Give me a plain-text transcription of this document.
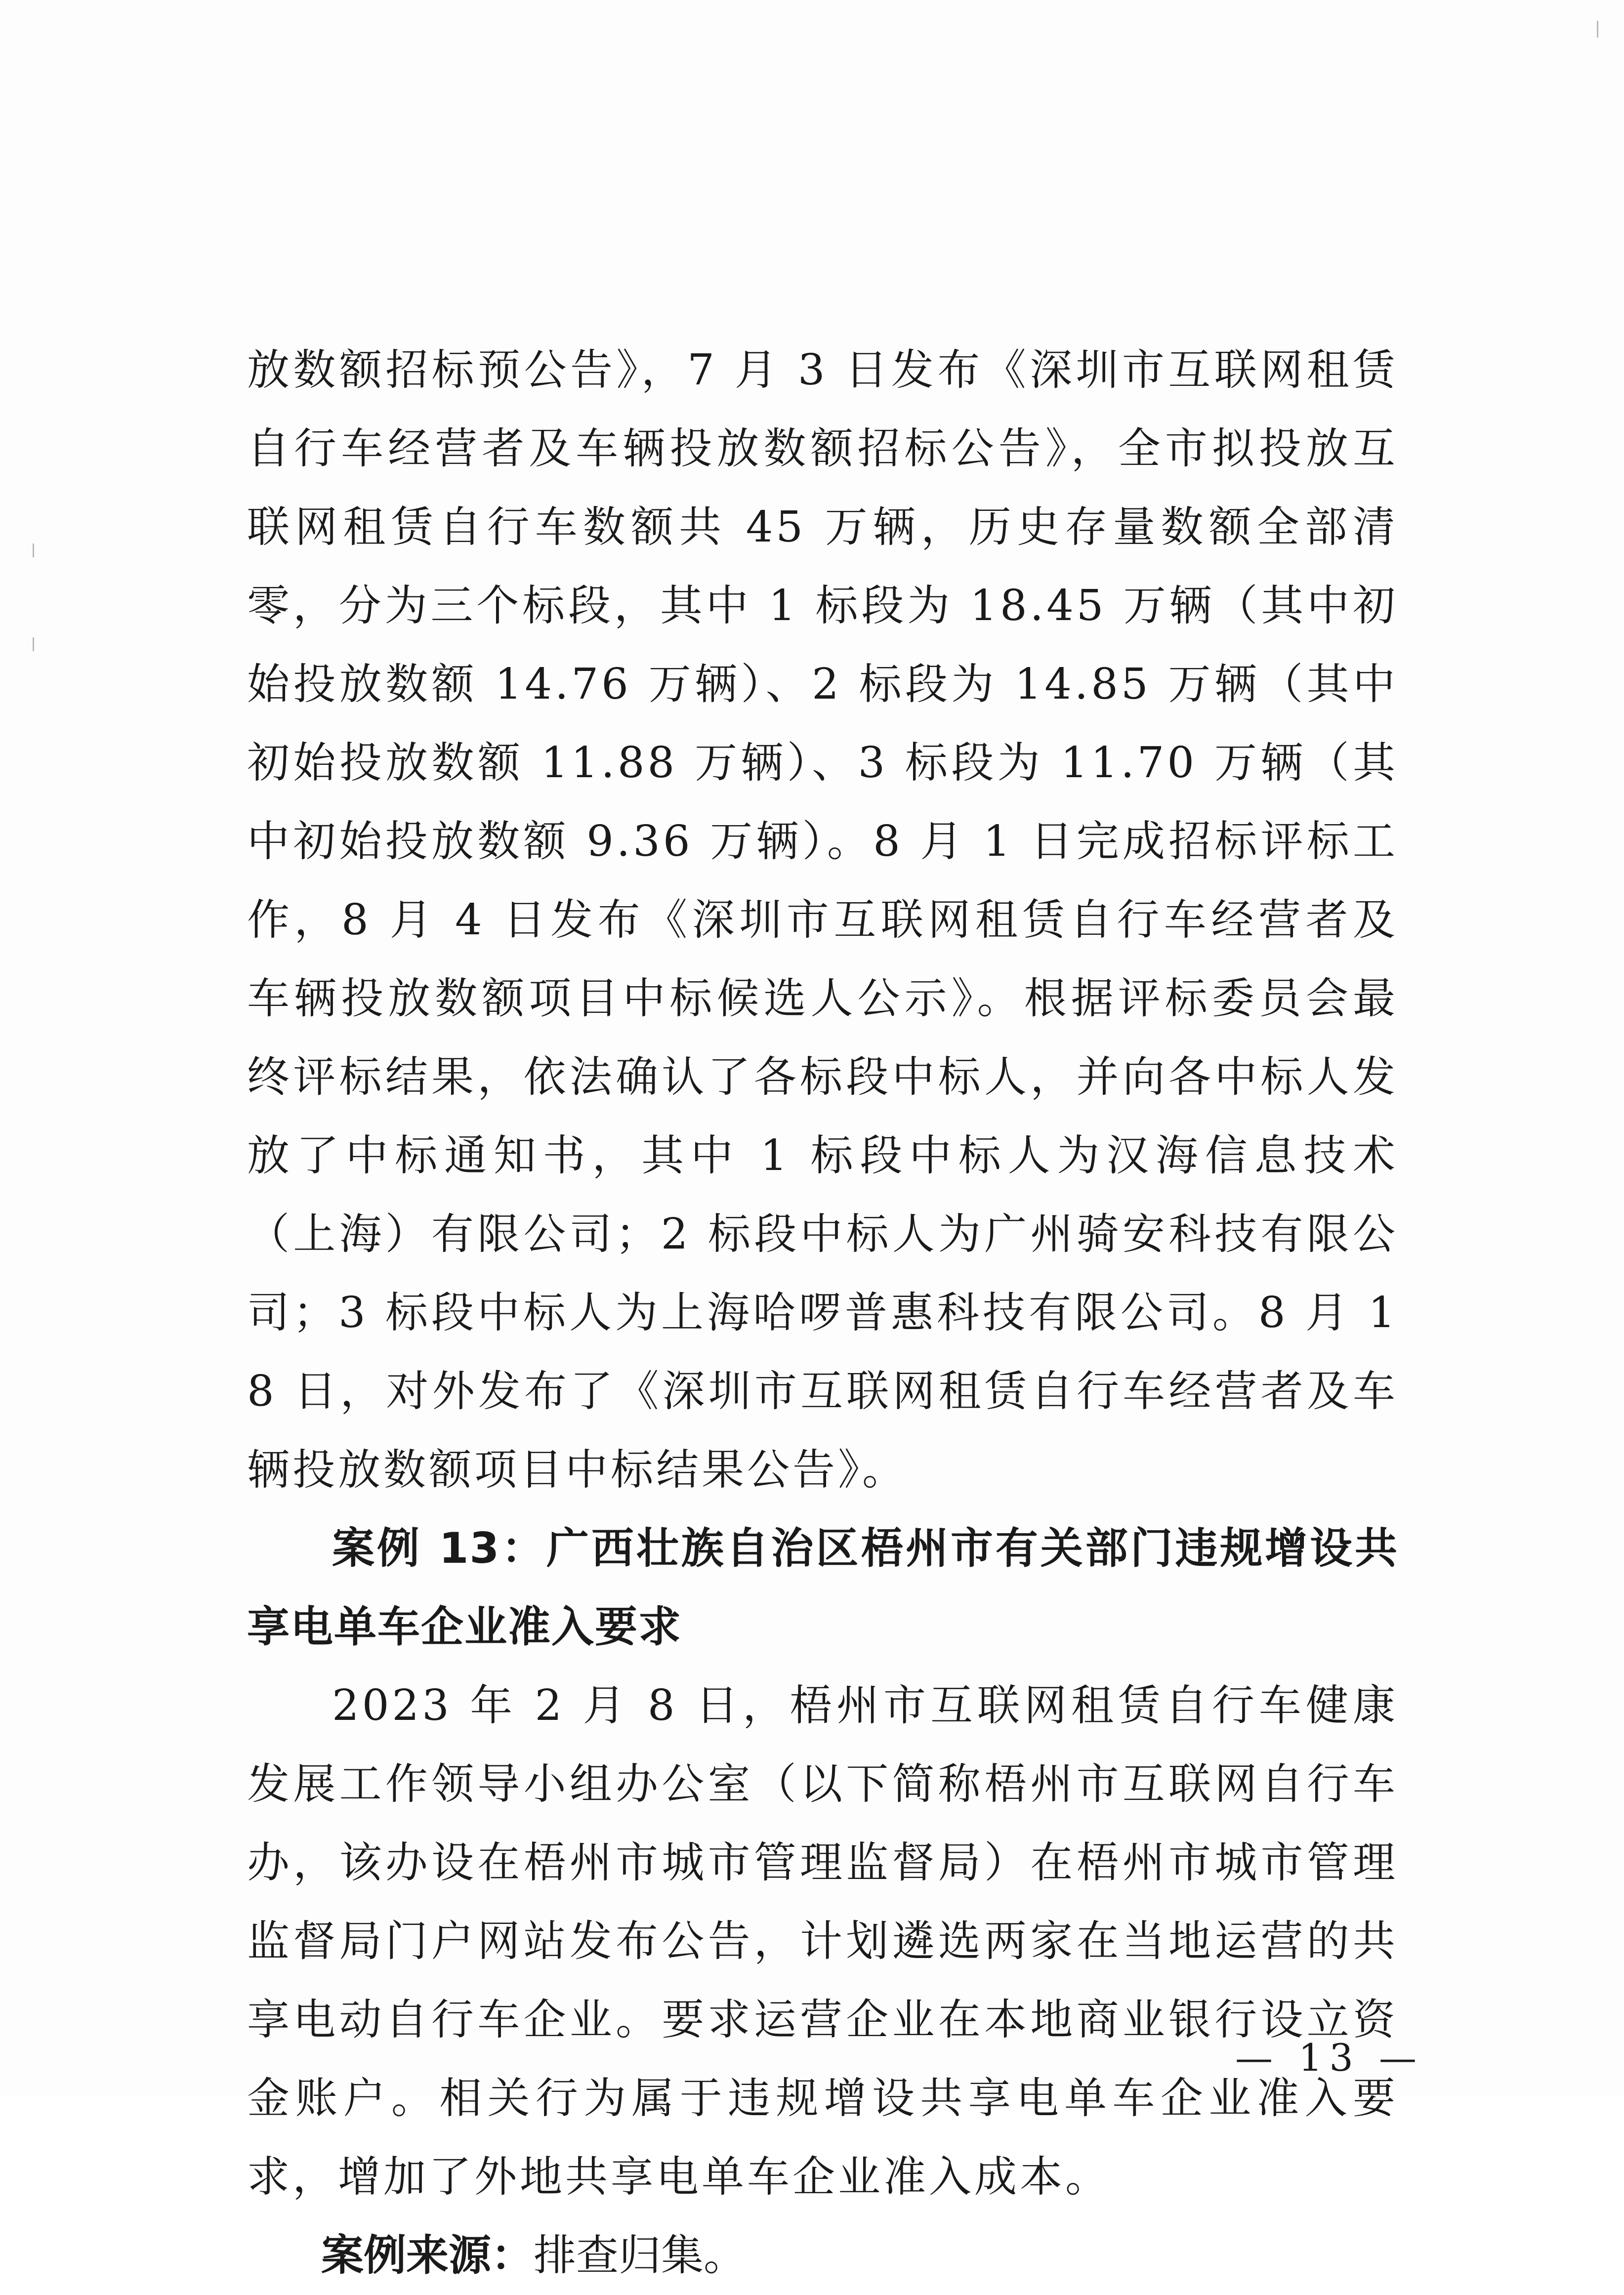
放数额招标预公告》，7 月 3 日发布《深圳市互联网租赁自行车经营者及车辆投放数额招标公告》，全市拟投放互联网租赁自行车数额共 45 万辆，历史存量数额全部清零，分为三个标段，其中 1 标段为 18.45 万辆（其中初始投放数额 14.76 万辆）、2 标段为 14.85 万辆（其中初始投放数额 11.88 万辆）、3 标段为 11.70 万辆（其中初始投放数额 9.36 万辆）。8 月 1 日完成招标评标工作，8 月 4 日发布《深圳市互联网租赁自行车经营者及车辆投放数额项目中标候选人公示》。根据评标委员会最终评标结果，依法确认了各标段中标人，并向各中标人发放了中标通知书，其中 1 标段中标人为汉海信息技术（上海）有限公司；2 标段中标人为广州骑安科技有限公司；3 标段中标人为上海哈啰普惠科技有限公司。8 月 18 日，对外发布了《深圳市互联网租赁自行车经营者及车辆投放数额项目中标结果公告》。

案例 13：广西壮族自治区梧州市有关部门违规增设共享电单车企业准入要求

2023 年 2 月 8 日，梧州市互联网租赁自行车健康发展工作领导小组办公室（以下简称梧州市互联网自行车办，该办设在梧州市城市管理监督局）在梧州市城市管理监督局门户网站发布公告，计划遴选两家在当地运营的共享电动自行车企业。要求运营企业在本地商业银行设立资金账户。相关行为属于违规增设共享电单车企业准入要求，增加了外地共享电单车企业准入成本。

案例来源：排查归集。

— 13 —
